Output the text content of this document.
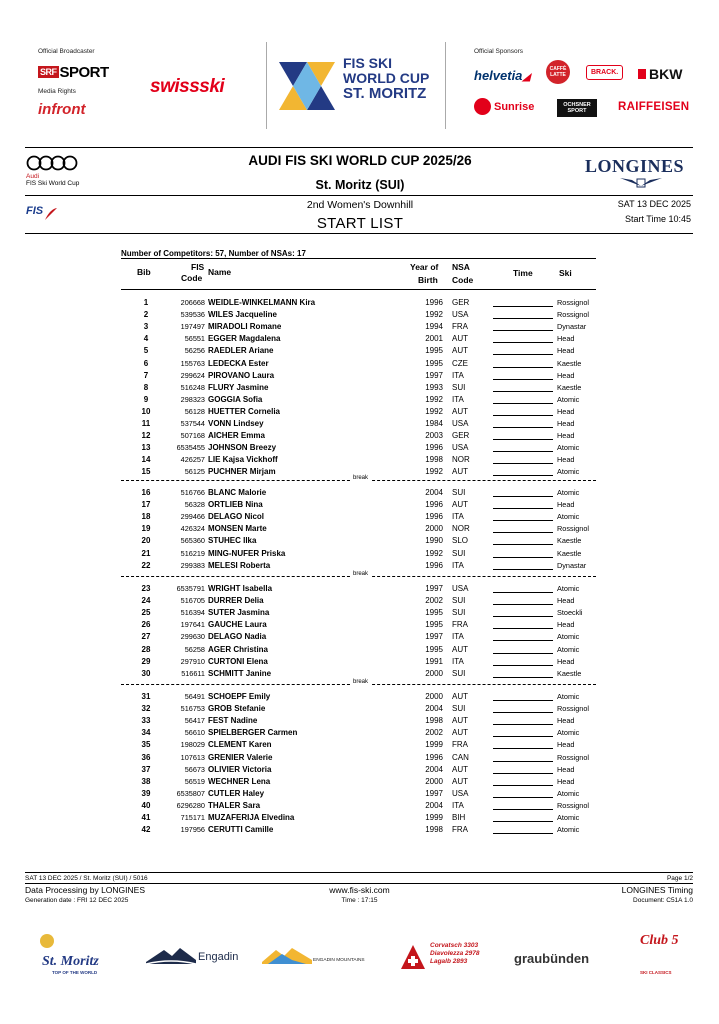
Official Broadcaster
SRF SPORT
Media Rights
infront
swissski
FIS SKI
WORLD CUP
ST. MORITZ
Official Sponsors
helvetia◢
CAFFÈ LATTE	BRACK.	BKW
Sunrise	OCHSNER SPORT	RAIFFEISEN
Audi
FIS Ski World Cup
AUDI FIS SKI WORLD CUP 2025/26
St. Moritz (SUI)
2nd Women's Downhill
START LIST
LONGINES
SAT 13 DEC 2025
Start Time 10:45
FIS
Number of Competitors: 57, Number of NSAs: 17
Bib	FIS
Code
Name	Year of
Birth
NSA
Code
Time	Ski
1	206668 WEIDLE-WINKELMANN Kira	1996 GER	Rossignol
2	539536 WILES Jacqueline	1992 USA	Rossignol
3	197497 MIRADOLI Romane	1994 FRA	Dynastar
4	56551 EGGER Magdalena	2001 AUT	Head
5	56256 RAEDLER Ariane	1995 AUT	Head
6	155763 LEDECKA Ester	1995 CZE	Kaestle
7	299624 PIROVANO Laura	1997 ITA	Head
8	516248 FLURY Jasmine	1993 SUI	Kaestle
9	298323 GOGGIA Sofia	1992 ITA	Atomic
10	56128 HUETTER Cornelia	1992 AUT	Head
11	537544 VONN Lindsey	1984 USA	Head
12	507168 AICHER Emma	2003 GER	Head
13	6535455 JOHNSON Breezy	1996 USA	Atomic
14	426257 LIE Kajsa Vickhoff	1998 NOR	Head
15	56125 PUCHNER Mirjam	1992 AUT	Atomic
break
16	516766 BLANC Malorie	2004 SUI	Atomic
17	56328 ORTLIEB Nina	1996 AUT	Head
18	299466 DELAGO Nicol	1996 ITA	Atomic
19	426324 MONSEN Marte	2000 NOR	Rossignol
20	565360 STUHEC Ilka	1990 SLO	Kaestle
21	516219 MING-NUFER Priska	1992 SUI	Kaestle
22	299383 MELESI Roberta	1996 ITA	Dynastar
break
23	6535791 WRIGHT Isabella	1997 USA	Atomic
24	516705 DURRER Delia	2002 SUI	Head
25	516394 SUTER Jasmina	1995 SUI	Stoeckli
26	197641 GAUCHE Laura	1995 FRA	Head
27	299630 DELAGO Nadia	1997 ITA	Atomic
28	56258 AGER Christina	1995 AUT	Atomic
29	297910 CURTONI Elena	1991 ITA	Head
30	516611 SCHMITT Janine	2000 SUI	Kaestle
break
31	56491 SCHOEPF Emily	2000 AUT	Atomic
32	516753 GROB Stefanie	2004 SUI	Rossignol
33	56417 FEST Nadine	1998 AUT	Head
34	56610 SPIELBERGER Carmen	2002 AUT	Atomic
35	198029 CLEMENT Karen	1999 FRA	Head
36	107613 GRENIER Valerie	1996 CAN	Rossignol
37	56673 OLIVIER Victoria	2004 AUT	Head
38	56519 WECHNER Lena	2000 AUT	Head
39	6535807 CUTLER Haley	1997 USA	Atomic
40	6296280 THALER Sara	2004 ITA	Rossignol
41	715171 MUZAFERIJA Elvedina	1999 BIH	Atomic
42	197956 CERUTTI Camille	1998 FRA	Atomic
SAT 13 DEC 2025 / St. Moritz (SUI) / 5016	Page 1/2
Data Processing by LONGINES	www.fis-ski.com	LONGINES Timing
Generation date : FRI 12 DEC 2025	Time : 17:15	Document: C51A 1.0
St. Moritz
TOP OF THE WORLD
Engadin	ENGADIN MOUNTAINS
Corvatsch 3303
Diavolezza 2978
Lagalb 2893	graubünden
Club 5
SKI CLASSICS
